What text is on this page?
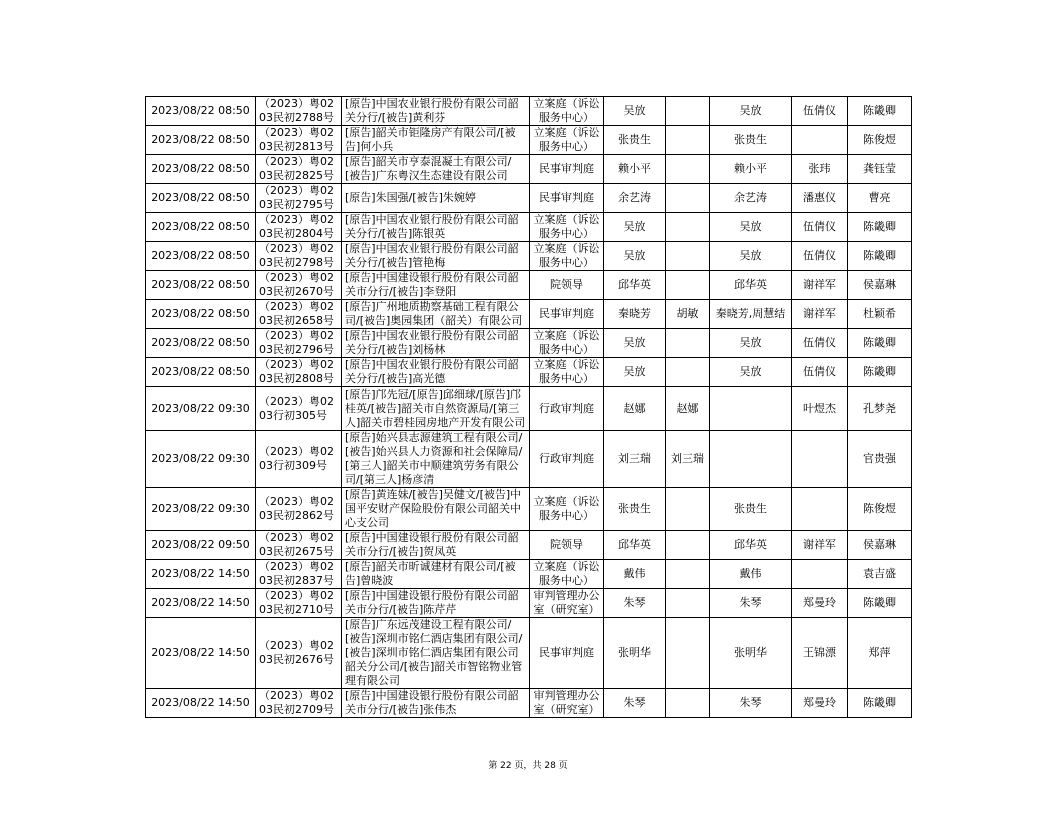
2023/08/22 08:50	（2023）粤0203民初2788号	[原告]中国农业银行股份有限公司韶关分行/[被告]黄利芬	立案庭（诉讼服务中心）	吴放		吴放	伍倩仪	陈畿卿
2023/08/22 08:50	（2023）粤0203民初2813号	[原告]韶关市钜隆房产有限公司/[被告]何小兵	立案庭（诉讼服务中心）	张贵生		张贵生		陈俊煜
2023/08/22 08:50	（2023）粤0203民初2825号	[原告]韶关市亨泰混凝土有限公司/[被告]广东粤汉生态建设有限公司	民事审判庭	赖小平		赖小平	张玮	龚钰莹
2023/08/22 08:50	（2023）粤0203民初2795号	[原告]朱国强/[被告]朱婉婷	民事审判庭	余艺涛		余艺涛	潘惠仪	曹亮
2023/08/22 08:50	（2023）粤0203民初2804号	[原告]中国农业银行股份有限公司韶关分行/[被告]陈银英	立案庭（诉讼服务中心）	吴放		吴放	伍倩仪	陈畿卿
2023/08/22 08:50	（2023）粤0203民初2798号	[原告]中国农业银行股份有限公司韶关分行/[被告]管艳梅	立案庭（诉讼服务中心）	吴放		吴放	伍倩仪	陈畿卿
2023/08/22 08:50	（2023）粤0203民初2670号	[原告]中国建设银行股份有限公司韶关市分行/[被告]李登阳	院领导	邱华英		邱华英	谢祥军	侯嘉琳
2023/08/22 08:50	（2023）粤0203民初2658号	[原告]广州地质勘察基础工程有限公司/[被告]奥园集团（韶关）有限公司	民事审判庭	秦晓芳	胡敏	秦晓芳,周慧结	谢祥军	杜颖希
2023/08/22 08:50	（2023）粤0203民初2796号	[原告]中国农业银行股份有限公司韶关分行/[被告]刘杨林	立案庭（诉讼服务中心）	吴放		吴放	伍倩仪	陈畿卿
2023/08/22 08:50	（2023）粤0203民初2808号	[原告]中国农业银行股份有限公司韶关分行/[被告]高光德	立案庭（诉讼服务中心）	吴放		吴放	伍倩仪	陈畿卿
2023/08/22 09:30	（2023）粤0203行初305号	[原告]邝先冠/[原告]邱细球/[原告]邝桂英/[被告]韶关市自然资源局/[第三人]韶关市碧桂园房地产开发有限公司	行政审判庭	赵娜	赵娜		叶煜杰	孔梦尧
2023/08/22 09:30	（2023）粤0203行初309号	[原告]始兴县志源建筑工程有限公司/[被告]始兴县人力资源和社会保障局/[第三人]韶关市中顺建筑劳务有限公司/[第三人]杨彦清	行政审判庭	刘三瑞	刘三瑞			官贵强
2023/08/22 09:30	（2023）粤0203民初2862号	[原告]黄连妹/[被告]吴健文/[被告]中国平安财产保险股份有限公司韶关中心支公司	立案庭（诉讼服务中心）	张贵生		张贵生		陈俊煜
2023/08/22 09:50	（2023）粤0203民初2675号	[原告]中国建设银行股份有限公司韶关市分行/[被告]贺凤英	院领导	邱华英		邱华英	谢祥军	侯嘉琳
2023/08/22 14:50	（2023）粤0203民初2837号	[原告]韶关市昕诚建材有限公司/[被告]曾晓波	立案庭（诉讼服务中心）	戴伟		戴伟		袁吉盛
2023/08/22 14:50	（2023）粤0203民初2710号	[原告]中国建设银行股份有限公司韶关市分行/[被告]陈芹芹	审判管理办公室（研究室）	朱琴		朱琴	郑曼玲	陈畿卿
2023/08/22 14:50	（2023）粤0203民初2676号	[原告]广东远茂建设工程有限公司/[被告]深圳市铭仁酒店集团有限公司/[被告]深圳市铭仁酒店集团有限公司韶关分公司/[被告]韶关市智铭物业管理有限公司	民事审判庭	张明华		张明华	王锦漂	郑萍
2023/08/22 14:50	（2023）粤0203民初2709号	[原告]中国建设银行股份有限公司韶关市分行/[被告]张伟杰	审判管理办公室（研究室）	朱琴		朱琴	郑曼玲	陈畿卿
第 22 页，共 28 页
